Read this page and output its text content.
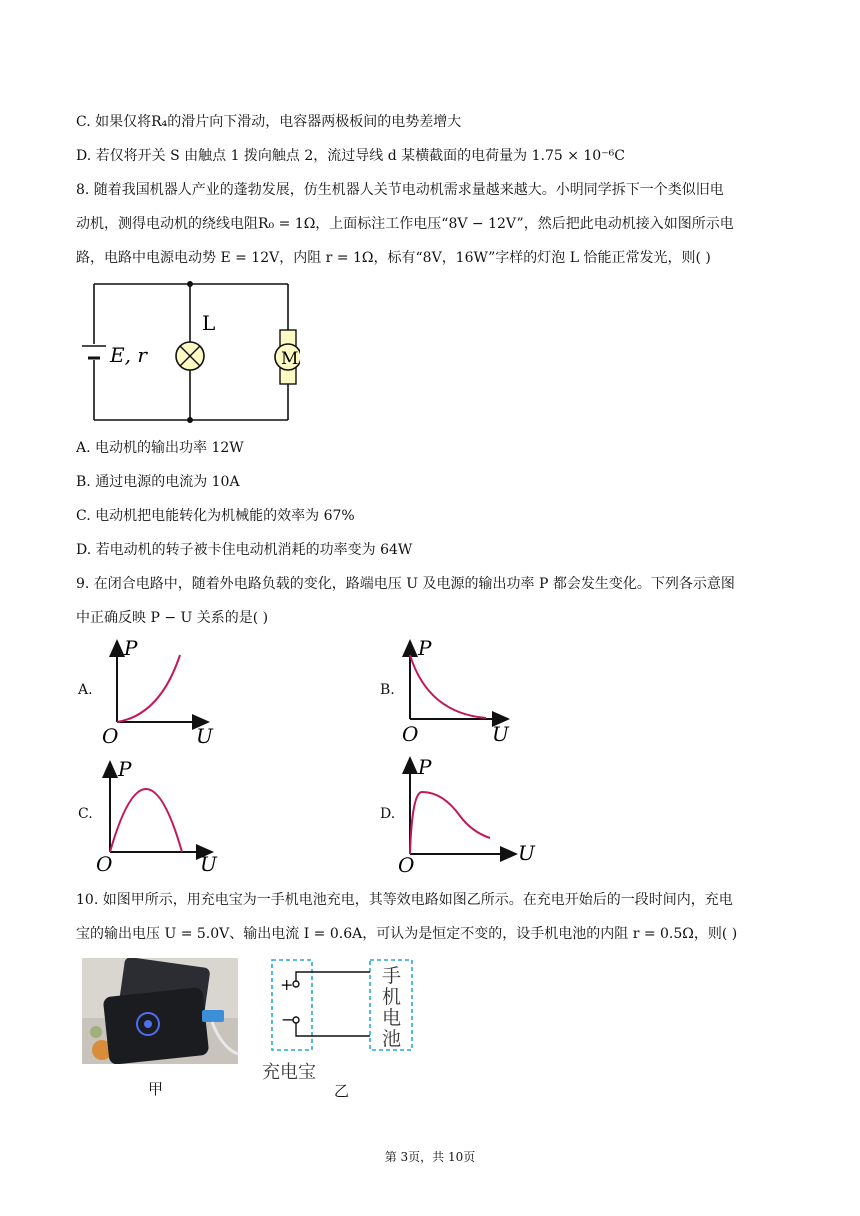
C. 如果仅将R₄的滑片向下滑动，电容器两极板间的电势差增大
D. 若仅将开关 S 由触点 1 拨向触点 2，流过导线 d 某横截面的电荷量为 1.75 × 10⁻⁶C
8. 随着我国机器人产业的蓬勃发展，仿生机器人关节电动机需求量越来越大。小明同学拆下一个类似旧电
动机，测得电动机的绕线电阻R₀ = 1Ω，上面标注工作电压“8V − 12V”，然后把此电动机接入如图所示电
路，电路中电源电动势 E = 12V，内阻 r = 1Ω，标有“8V，16W”字样的灯泡 L 恰能正常发光，则( )
E, r
L
M
A. 电动机的输出功率 12W
B. 通过电源的电流为 10A
C. 电动机把电能转化为机械能的效率为 67%
D. 若电动机的转子被卡住电动机消耗的功率变为 64W
9. 在闭合电路中，随着外电路负载的变化，路端电压 U 及电源的输出功率 P 都会发生变化。下列各示意图
中正确反映 P − U 关系的是( )
A.
P
O	U
B.
P
O	U
C.
P
O	U
D.
P
O	U
10. 如图甲所示，用充电宝为一手机电池充电，其等效电路如图乙所示。在充电开始后的一段时间内，充电
宝的输出电压 U = 5.0V、输出电流 I = 0.6A，可认为是恒定不变的，设手机电池的内阻 r = 0.5Ω，则( )
甲
+
−
手
机
电
池
充电宝
乙
第 3页，共 10页
